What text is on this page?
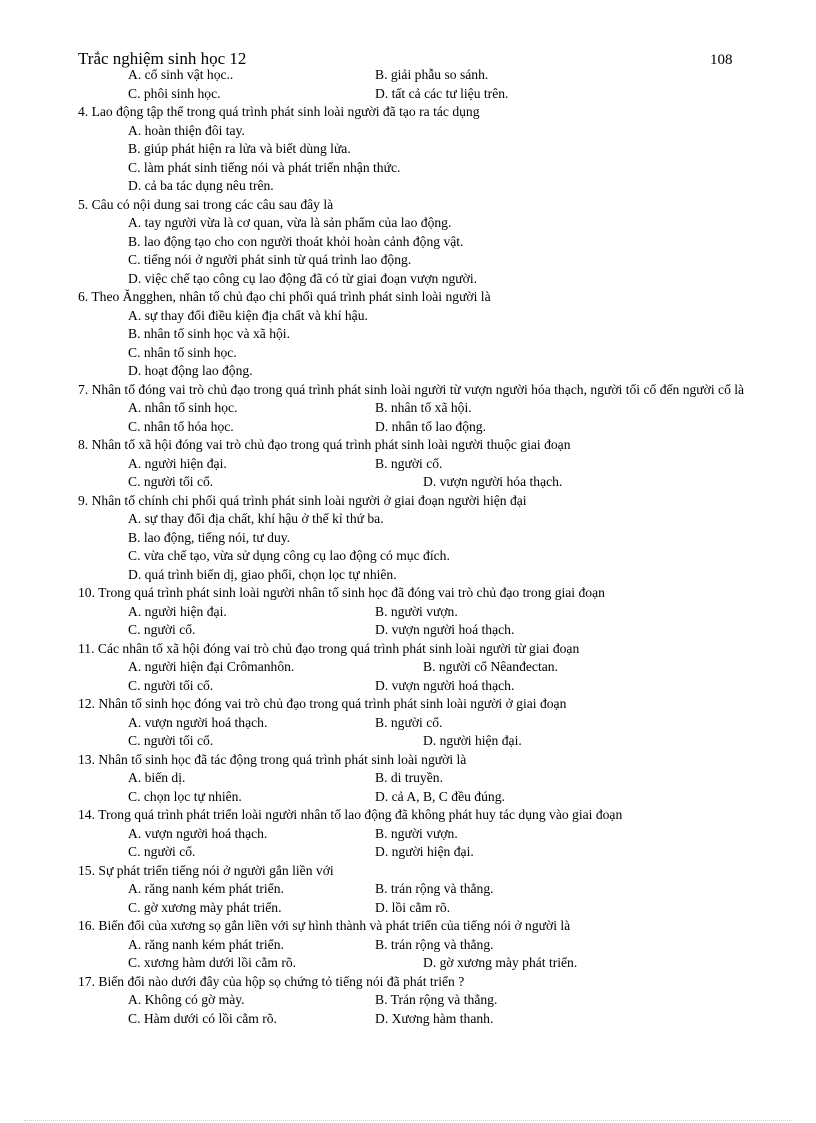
Trắc nghiệm sinh học 12	108
A. cổ sinh vật học..	B. giải phẫu so sánh.
C. phôi sinh học.	D. tất cả các tư liệu trên.
4. Lao động tập thể trong quá trình phát sinh loài người đã tạo ra tác dụng
A. hoàn thiện đôi tay.
B. giúp phát hiện ra lửa và biết dùng lửa.
C. làm phát sinh tiếng nói và phát triển nhận thức.
D. cả ba tác dụng nêu trên.
5. Câu có nội dung sai trong các câu sau đây là
A. tay người vừa là cơ quan, vừa là sản phẩm của lao động.
B. lao động tạo cho con người thoát khỏi hoàn cảnh động vật.
C. tiếng nói ở người phát sinh từ quá trình lao động.
D. việc chế tạo công cụ lao động đã có từ giai đoạn vượn người.
6. Theo Ăngghen, nhân tố chủ đạo chi phối quá trình phát sinh loài người là
A. sự thay đổi điều kiện địa chất và khí hậu.
B. nhân tố sinh học và xã hội.
C. nhân tố sinh học.
D. hoạt động lao động.
7. Nhân tố đóng vai trò chủ đạo trong quá trình phát sinh loài người từ vượn người hóa thạch, người tối cổ đến người cổ là
A. nhân tố sinh học.	B. nhân tố xã hội.
C. nhân tố hóa học.	D. nhân tố lao động.
8. Nhân tố xã hội đóng vai trò chủ đạo trong quá trình phát sinh loài người thuộc giai đoạn
A. người hiện đại.	B. người cổ.
C. người tối cổ.	D. vượn người hóa thạch.
9. Nhân tố chính chi phối quá trình phát sinh loài người ở giai đoạn người hiện đại
A. sự thay đổi địa chất, khí hậu ở thế kỉ thứ ba.
B. lao động, tiếng nói, tư duy.
C. vừa chế tạo, vừa sử dụng công cụ lao động có mục đích.
D. quá trình biến dị, giao phối, chọn lọc tự nhiên.
10. Trong quá trình phát sinh loài người nhân tố sinh học đã đóng vai trò chủ đạo trong giai đoạn
A. người hiện đại.	B. người vượn.
C. người cổ.	D. vượn người hoá thạch.
11. Các nhân tố xã hội đóng vai trò chủ đạo trong quá trình phát sinh loài người từ giai đoạn
A. người hiện đại Crômanhôn.	B. người cổ Nêanđectan.
C. người tối cổ.	D. vượn người hoá thạch.
12. Nhân tố sinh học đóng vai trò chủ đạo trong quá trình phát sinh loài người ở giai đoạn
A. vượn người hoá thạch.	B. người cổ.
C. người tối cổ.	D. người hiện đại.
13. Nhân tố sinh học đã tác động trong quá trình phát sinh loài người là
A. biến dị.	B. di truyền.
C. chọn lọc tự nhiên.	D. cả A, B, C đều đúng.
14. Trong quá trình phát triển loài người nhân tố lao động đã không phát huy tác dụng vào giai đoạn
A. vượn người hoá thạch.	B. người vượn.
C. người cổ.	D. người hiện đại.
15. Sự phát triển tiếng nói ở người gắn liền với
A. răng nanh kém phát triển.	B. trán rộng và thẳng.
C. gờ xương mày phát triển.	D. lồi cằm rõ.
16. Biến đổi của xương sọ gắn liền với sự hình thành và phát triển của tiếng nói ở người là
A. răng nanh kém phát triển.	B. trán rộng và thẳng.
C. xương hàm dưới lồi cằm rõ.	D. gờ xương mày phát triển.
17. Biến đổi nào dưới đây của hộp sọ chứng tỏ tiếng nói đã phát triển ?
A. Không có gờ mày.	B. Trán rộng và thẳng.
C. Hàm dưới có lồi cằm rõ.	D. Xương hàm thanh.
